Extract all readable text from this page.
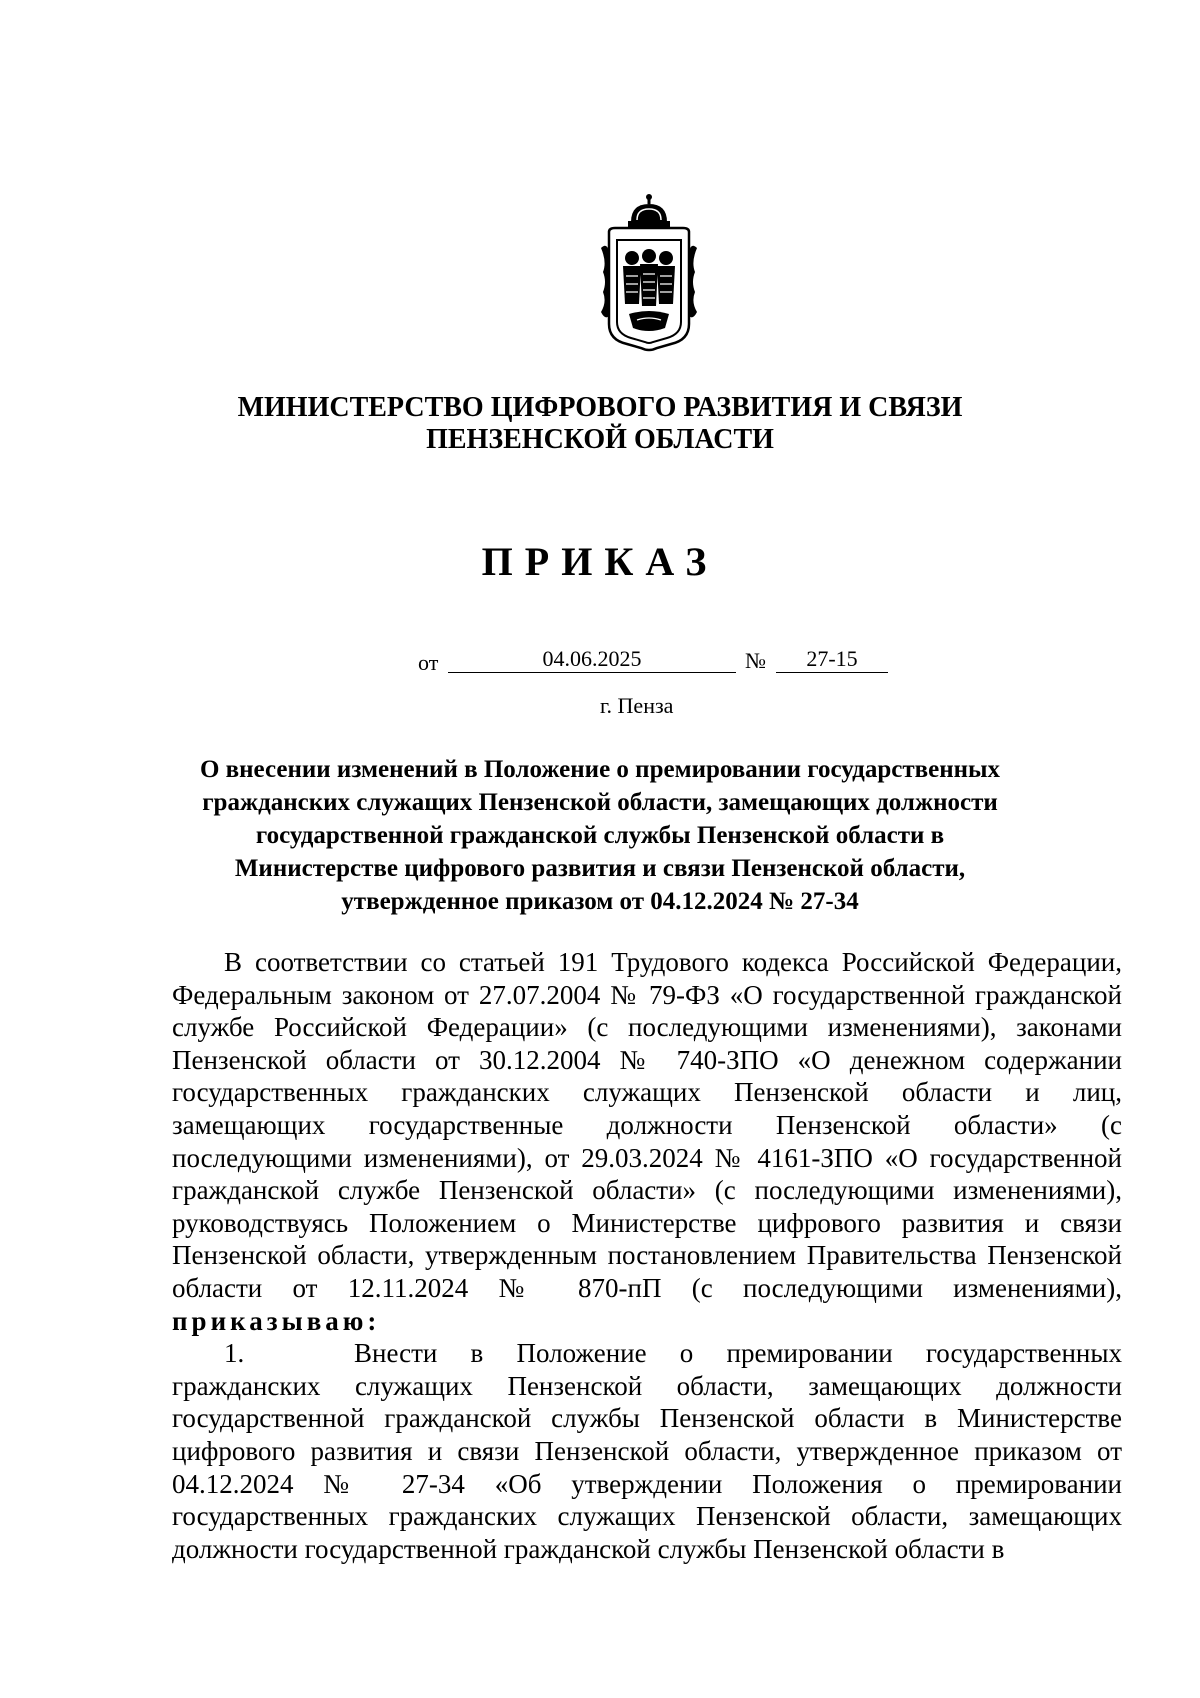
МИНИСТЕРСТВО ЦИФРОВОГО РАЗВИТИЯ И СВЯЗИ
ПЕНЗЕНСКОЙ ОБЛАСТИ
ПРИКАЗ
от	04.06.2025	№	27-15
г. Пенза
О внесении изменений в Положение о премировании государственных
гражданских служащих Пензенской области, замещающих должности
государственной гражданской службы Пензенской области в
Министерстве цифрового развития и связи Пензенской области,
утвержденное приказом от 04.12.2024 № 27-34

В соответствии со статьей 191 Трудового кодекса Российской Федерации, Федеральным законом от 27.07.2004 № 79-ФЗ «О государственной гражданской службе Российской Федерации» (с последующими изменениями), законами Пензенской области от 30.12.2004 № 740-ЗПО «О денежном содержании государственных гражданских служащих Пензенской области и лиц, замещающих государственные должности Пензенской области» (с последующими изменениями), от 29.03.2024 № 4161-ЗПО «О государственной гражданской службе Пензенской области» (с последующими изменениями), руководствуясь Положением о Министерстве цифрового развития и связи Пензенской области, утвержденным постановлением Правительства Пензенской области от 12.11.2024 № 870-пП (с последующими изменениями), приказываю:

1.	Внести в Положение о премировании государственных гражданских служащих Пензенской области, замещающих должности государственной гражданской службы Пензенской области в Министерстве цифрового развития и связи Пензенской области, утвержденное приказом от 04.12.2024 № 27-34 «Об утверждении Положения о премировании государственных гражданских служащих Пензенской области, замещающих должности государственной гражданской службы Пензенской области в
